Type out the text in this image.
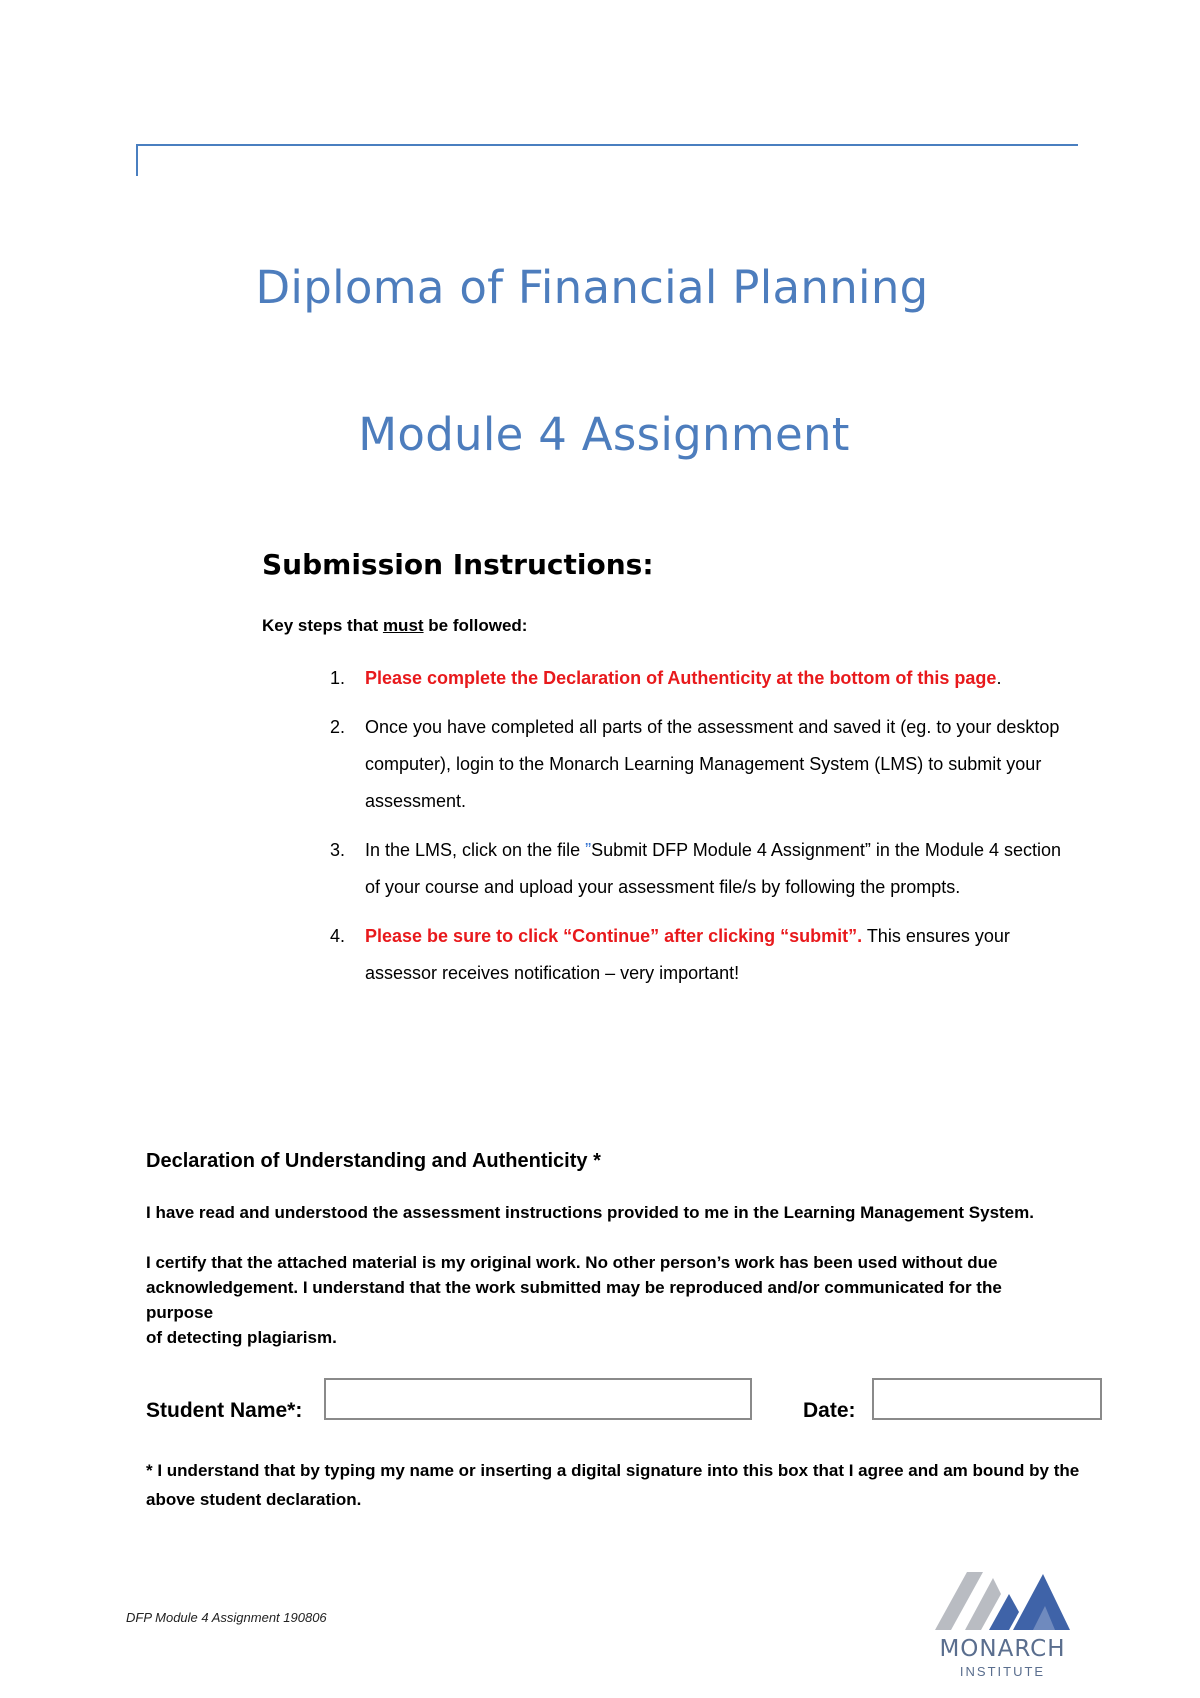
Diploma of Financial Planning
Module 4 Assignment
Submission Instructions:

Key steps that must be followed:

1. Please complete the Declaration of Authenticity at the bottom of this page.
2. Once you have completed all parts of the assessment and saved it (eg. to your desktop computer), login to the Monarch Learning Management System (LMS) to submit your assessment.
3. In the LMS, click on the file ”Submit DFP Module 4 Assignment” in the Module 4 section of your course and upload your assessment file/s by following the prompts.
4. Please be sure to click “Continue” after clicking “submit”. This ensures your assessor receives notification – very important!
Declaration of Understanding and Authenticity *

I have read and understood the assessment instructions provided to me in the Learning Management System.

I certify that the attached material is my original work. No other person’s work has been used without due acknowledgement. I understand that the work submitted may be reproduced and/or communicated for the purpose
of detecting plagiarism.

Student Name*:	Date:

* I understand that by typing my name or inserting a digital signature into this box that I agree and am bound by the above student declaration.

DFP Module 4 Assignment 190806

MONARCH
INSTITUTE
